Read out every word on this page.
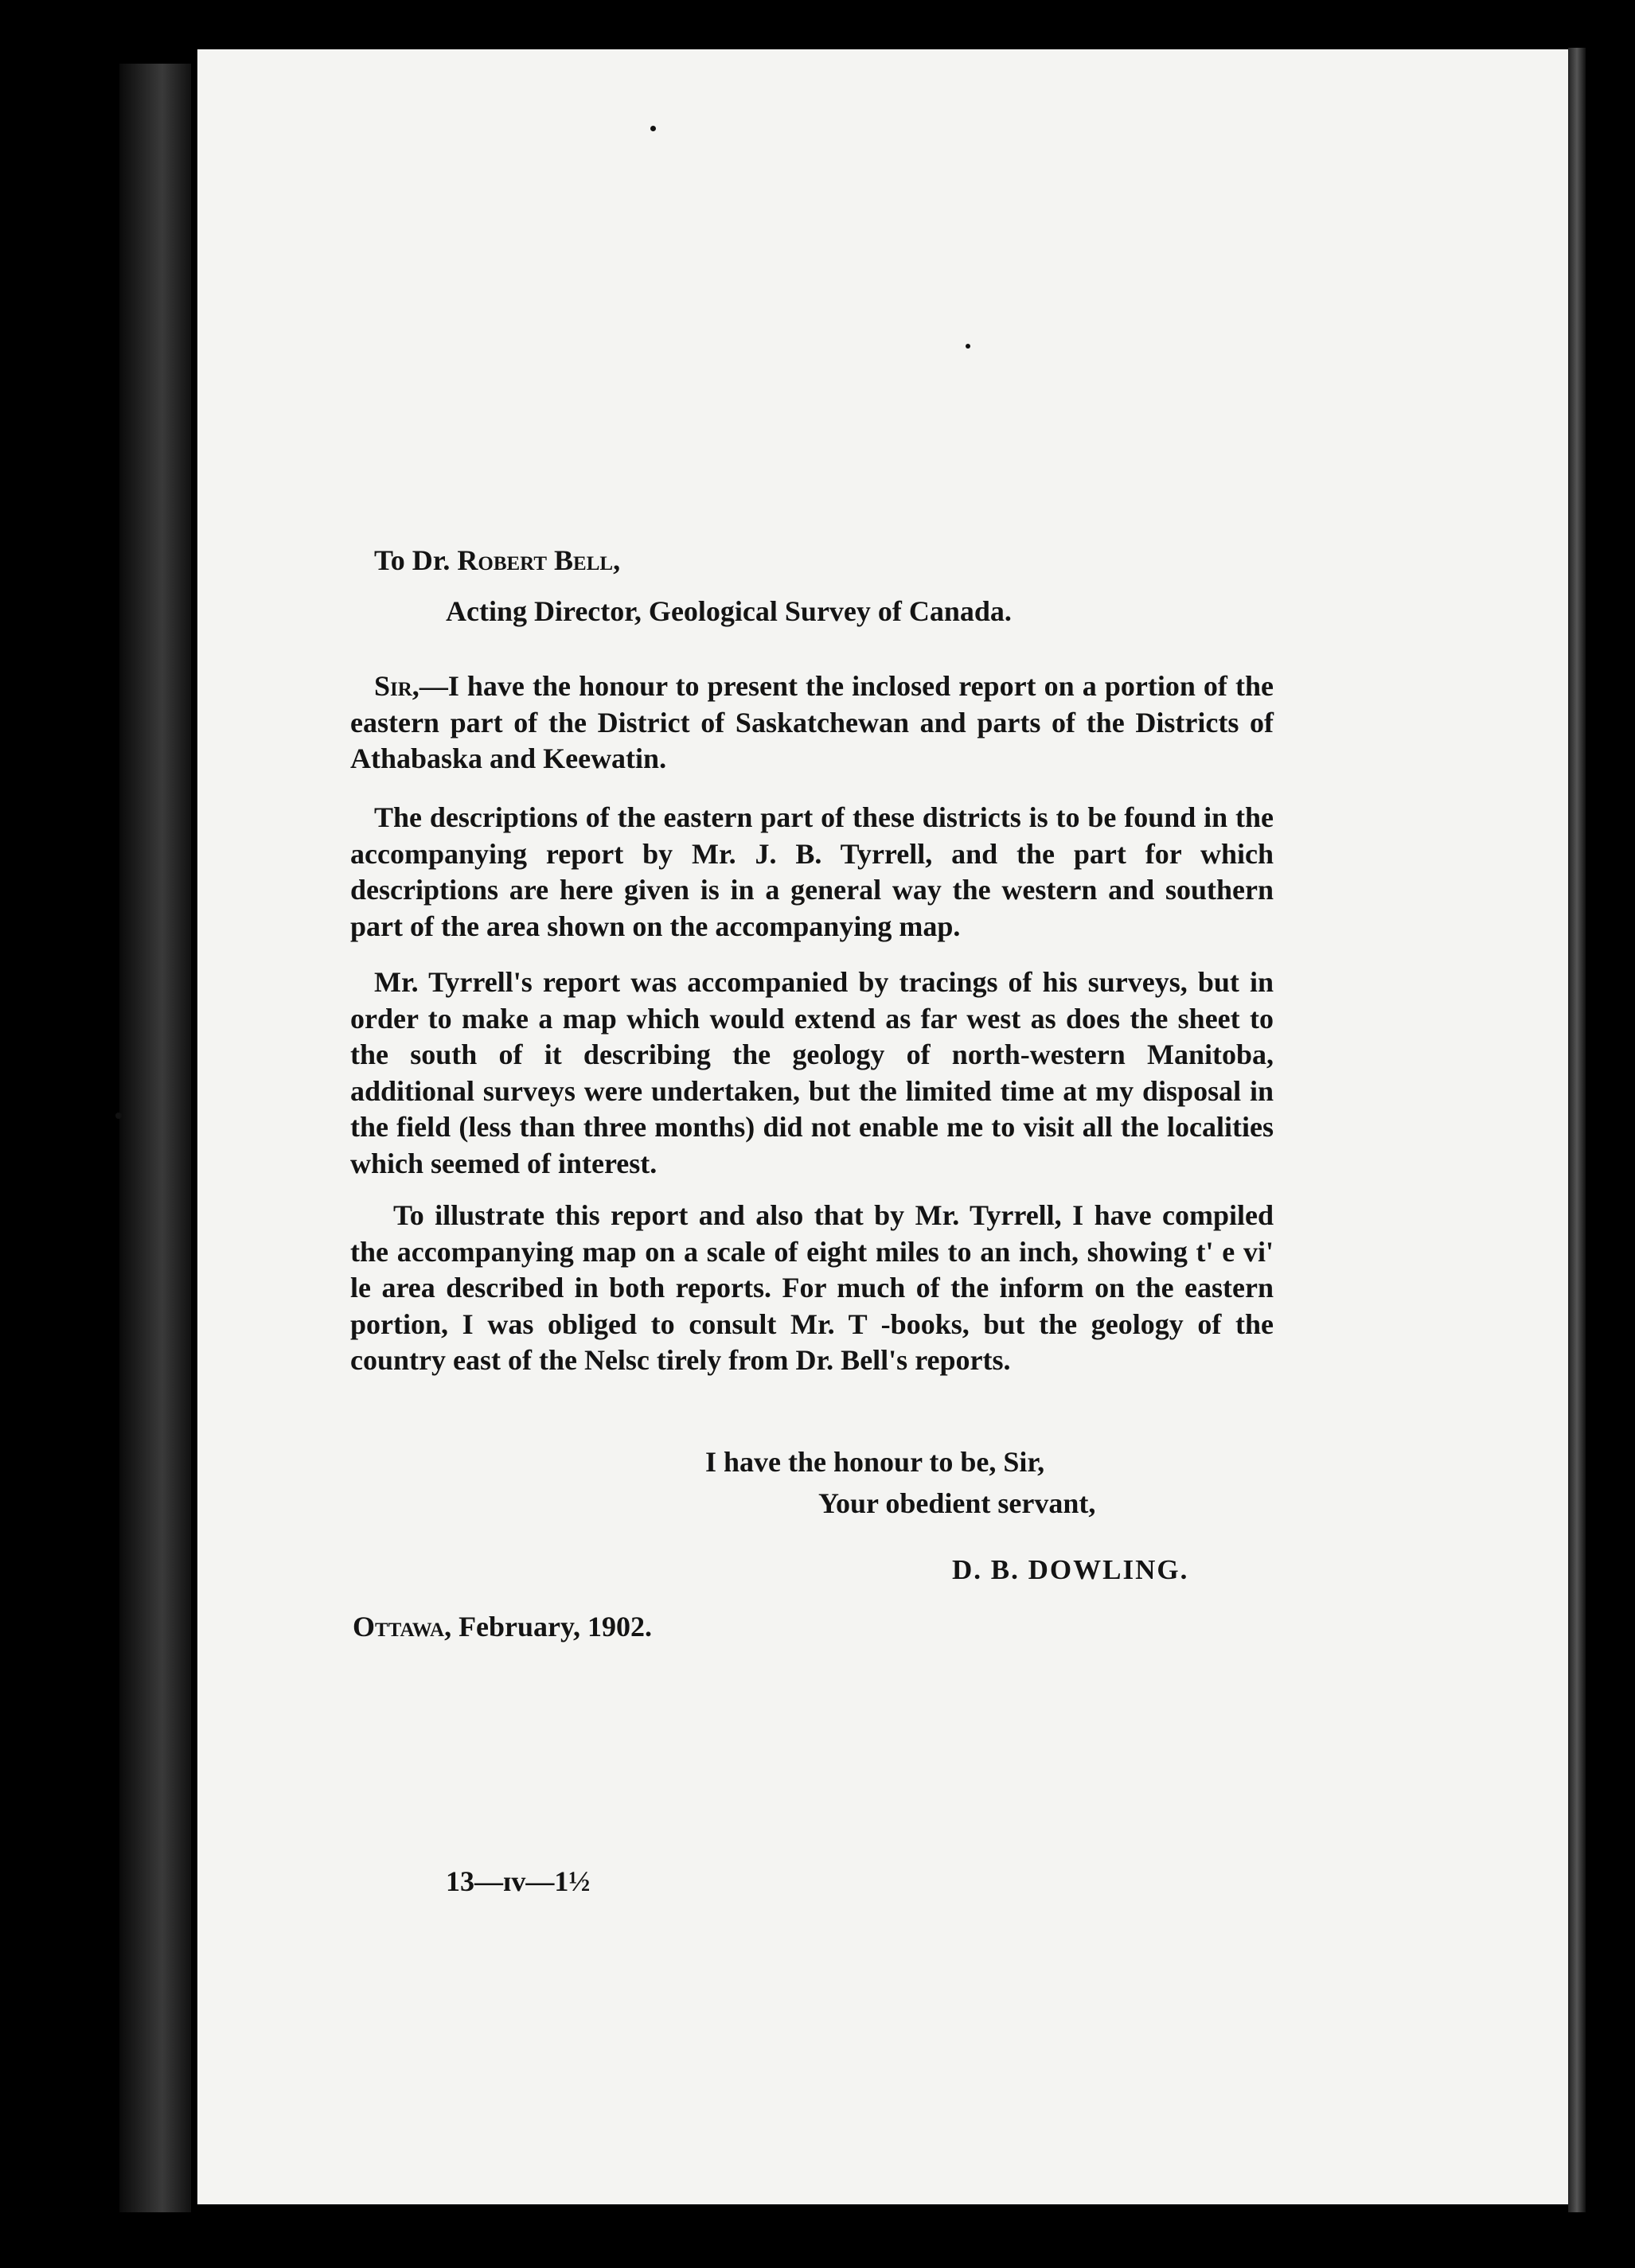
To Dr. Robert Bell,
Acting Director, Geological Survey of Canada.
Sir,—I have the honour to present the inclosed report on a portion of the eastern part of the District of Saskatchewan and parts of the Districts of Athabaska and Keewatin.
The descriptions of the eastern part of these districts is to be found in the accompanying report by Mr. J. B. Tyrrell, and the part for which descriptions are here given is in a general way the western and southern part of the area shown on the accompanying map.
Mr. Tyrrell's report was accompanied by tracings of his surveys, but in order to make a map which would extend as far west as does the sheet to the south of it describing the geology of north-western Manitoba, additional surveys were undertaken, but the limited time at my disposal in the field (less than three months) did not enable me to visit all the localities which seemed of interest.
To illustrate this report and also that by Mr. Tyrrell, I have compiled the accompanying map on a scale of eight miles to an inch, showing t' e vi' le area described in both reports. For much of the inform on the eastern portion, I was obliged to consult Mr. T -books, but the geology of the country east of the Nelsc tirely from Dr. Bell's reports.
I have the honour to be, Sir,
Your obedient servant,
D. B. DOWLING.
Ottawa, February, 1902.
13—ɪv—1½
